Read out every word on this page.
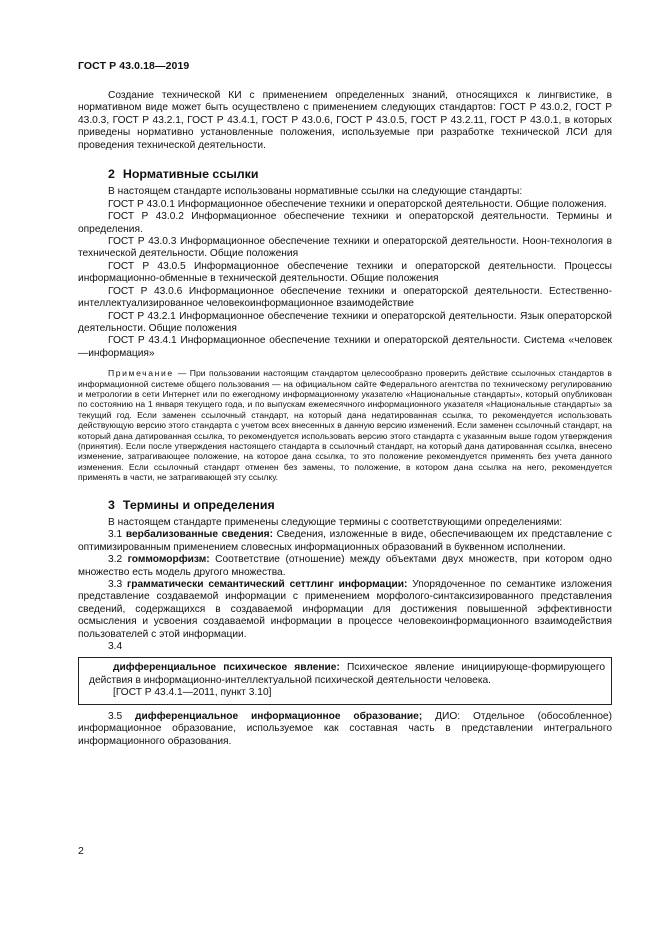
ГОСТ Р 43.0.18—2019

Создание технической КИ с применением определенных знаний, относящихся к лингвистике, в нормативном виде может быть осуществлено с применением следующих стандартов: ГОСТ Р 43.0.2, ГОСТ Р 43.0.3, ГОСТ Р 43.2.1, ГОСТ Р 43.4.1, ГОСТ Р 43.0.6, ГОСТ Р 43.0.5, ГОСТ Р 43.2.11, ГОСТ Р 43.0.1, в которых приведены нормативно установленные положения, используемые при разработке технической ЛСИ для проведения технической деятельности.

2 Нормативные ссылки

В настоящем стандарте использованы нормативные ссылки на следующие стандарты:

ГОСТ Р 43.0.1 Информационное обеспечение техники и операторской деятельности. Общие положения.

ГОСТ Р 43.0.2 Информационное обеспечение техники и операторской деятельности. Термины и определения.

ГОСТ Р 43.0.3 Информационное обеспечение техники и операторской деятельности. Ноон-технология в технической деятельности. Общие положения

ГОСТ Р 43.0.5 Информационное обеспечение техники и операторской деятельности. Процессы информационно-обменные в технической деятельности. Общие положения

ГОСТ Р 43.0.6 Информационное обеспечение техники и операторской деятельности. Естественно-интеллектуализированное человекоинформационное взаимодействие

ГОСТ Р 43.2.1 Информационное обеспечение техники и операторской деятельности. Язык операторской деятельности. Общие положения

ГОСТ Р 43.4.1 Информационное обеспечение техники и операторской деятельности. Система «человек—информация»

Примечание — При пользовании настоящим стандартом целесообразно проверить действие ссылочных стандартов в информационной системе общего пользования — на официальном сайте Федерального агентства по техническому регулированию и метрологии в сети Интернет или по ежегодному информационному указателю «Национальные стандарты», который опубликован по состоянию на 1 января текущего года, и по выпускам ежемесячного информационного указателя «Национальные стандарты» за текущий год. Если заменен ссылочный стандарт, на который дана недатированная ссылка, то рекомендуется использовать действующую версию этого стандарта с учетом всех внесенных в данную версию изменений. Если заменен ссылочный стандарт, на который дана датированная ссылка, то рекомендуется использовать версию этого стандарта с указанным выше годом утверждения (принятия). Если после утверждения настоящего стандарта в ссылочный стандарт, на который дана датированная ссылка, внесено изменение, затрагивающее положение, на которое дана ссылка, то это положение рекомендуется применять без учета данного изменения. Если ссылочный стандарт отменен без замены, то положение, в котором дана ссылка на него, рекомендуется применять в части, не затрагивающей эту ссылку.

3 Термины и определения

В настоящем стандарте применены следующие термины с соответствующими определениями:

3.1 вербализованные сведения: Сведения, изложенные в виде, обеспечивающем их представление с оптимизированным применением словесных информационных образований в буквенном исполнении.

3.2 гоммоморфизм: Соответствие (отношение) между объектами двух множеств, при котором одно множество есть модель другого множества.

3.3 грамматически семантический сеттлинг информации: Упорядоченное по семантике изложения представление создаваемой информации с применением морфолого-синтаксизированного представления сведений, содержащихся в создаваемой информации для достижения повышенной эффективности осмысления и усвоения создаваемой информации в процессе человекоинформационного взаимодействия пользователей с этой информации.

3.4

дифференциальное психическое явление: Психическое явление инициирующе-формирующего действия в информационно-интеллектуальной психической деятельности человека.

[ГОСТ Р 43.4.1—2011, пункт 3.10]

3.5 дифференциальное информационное образование; ДИО: Отдельное (обособленное) информационное образование, используемое как составная часть в представлении интегрального информационного образования.

2
